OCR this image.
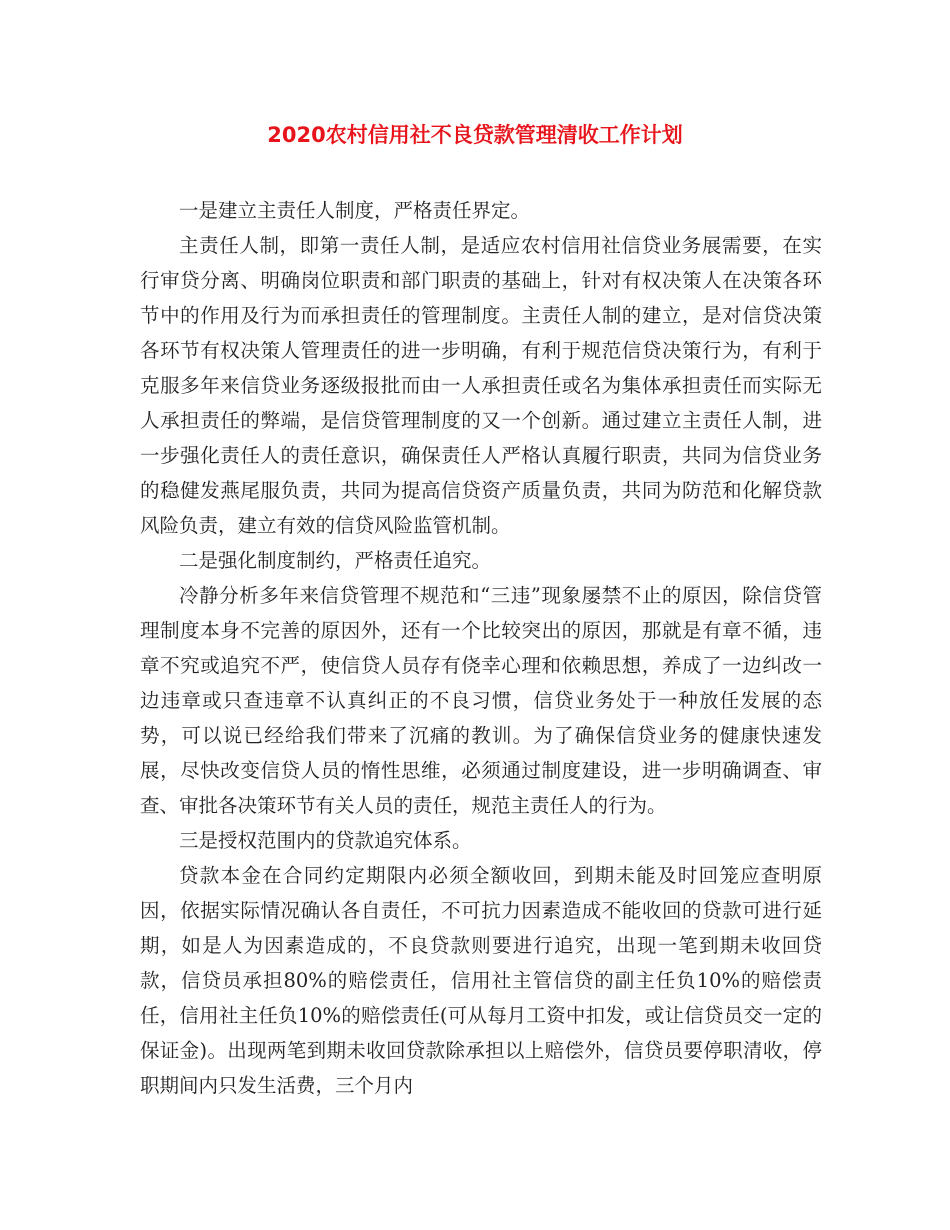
2020农村信用社不良贷款管理清收工作计划

一是建立主责任人制度，严格责任界定。

主责任人制，即第一责任人制，是适应农村信用社信贷业务展需要，在实行审贷分离、明确岗位职责和部门职责的基础上，针对有权决策人在决策各环节中的作用及行为而承担责任的管理制度。主责任人制的建立，是对信贷决策各环节有权决策人管理责任的进一步明确，有利于规范信贷决策行为，有利于克服多年来信贷业务逐级报批而由一人承担责任或名为集体承担责任而实际无人承担责任的弊端，是信贷管理制度的又一个创新。通过建立主责任人制，进一步强化责任人的责任意识，确保责任人严格认真履行职责，共同为信贷业务的稳健发燕尾服负责，共同为提高信贷资产质量负责，共同为防范和化解贷款风险负责，建立有效的信贷风险监管机制。

二是强化制度制约，严格责任追究。

冷静分析多年来信贷管理不规范和“三违”现象屡禁不止的原因，除信贷管理制度本身不完善的原因外，还有一个比较突出的原因，那就是有章不循，违章不究或追究不严，使信贷人员存有侥幸心理和依赖思想，养成了一边纠改一边违章或只查违章不认真纠正的不良习惯，信贷业务处于一种放任发展的态势，可以说已经给我们带来了沉痛的教训。为了确保信贷业务的健康快速发展，尽快改变信贷人员的惰性思维，必须通过制度建设，进一步明确调查、审查、审批各决策环节有关人员的责任，规范主责任人的行为。

三是授权范围内的贷款追究体系。

贷款本金在合同约定期限内必须全额收回，到期未能及时回笼应查明原因，依据实际情况确认各自责任，不可抗力因素造成不能收回的贷款可进行延期，如是人为因素造成的，不良贷款则要进行追究，出现一笔到期未收回贷款，信贷员承担80%的赔偿责任，信用社主管信贷的副主任负10%的赔偿责任，信用社主任负10%的赔偿责任(可从每月工资中扣发，或让信贷员交一定的保证金)。出现两笔到期未收回贷款除承担以上赔偿外，信贷员要停职清收，停职期间内只发生活费，三个月内
